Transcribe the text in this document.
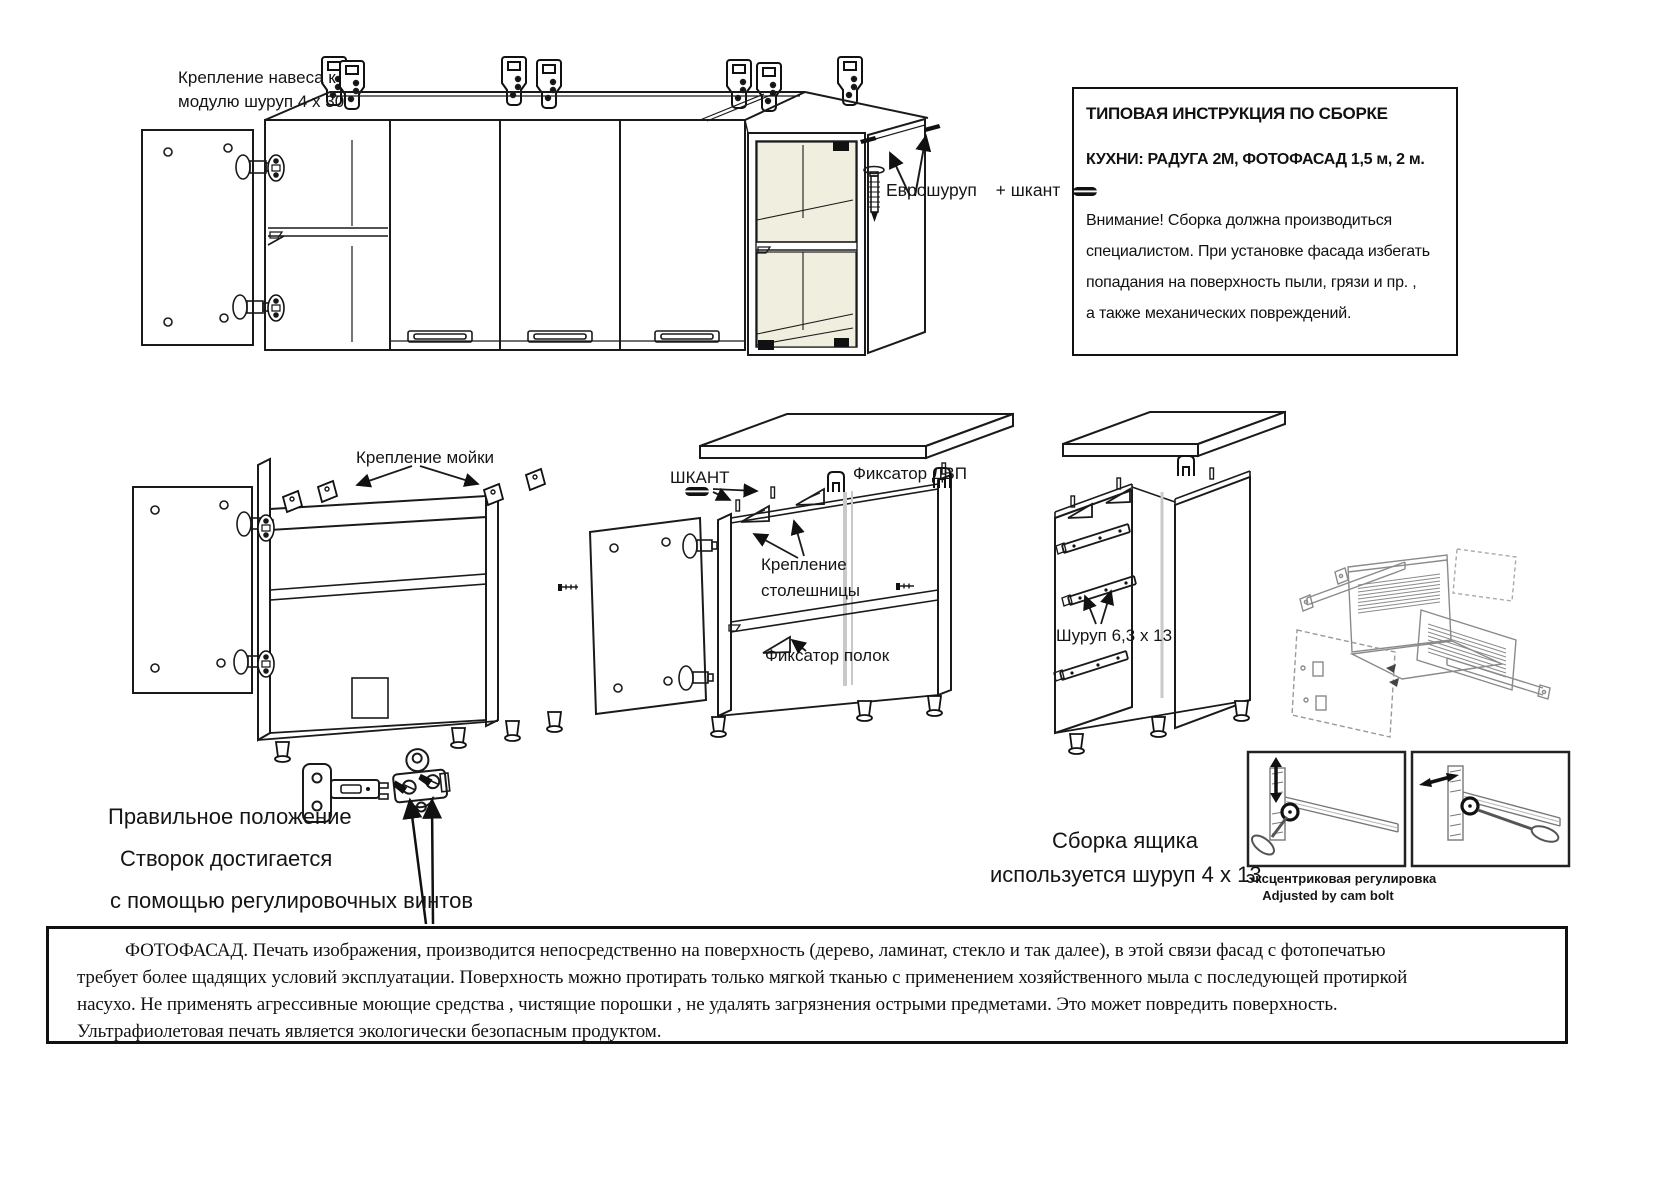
Крепление навеса к
модулю шуруп 4 x 30
Еврошуруп + шкант

ТИПОВАЯ ИНСТРУКЦИЯ ПО СБОРКЕ

КУХНИ: РАДУГА 2М, ФОТОФАСАД 1,5 м, 2 м.

Внимание! Сборка должна производиться
специалистом. При установке фасада избегать
попадания на поверхность пыли, грязи и пр. ,
а также механических повреждений.
Крепление мойки
ШКАНТ	Фиксатор ДВП
Крепление
столешницы
Фиксатор полок
Шуруп 6,3 х 13
Правильное положение
Створок достигается
с помощью регулировочных винтов
Сборка ящика
используется шуруп 4 х 13
Эксцентриковая регулировка
Adjusted by cam bolt
ФОТОФАСАД. Печать изображения, производится непосредственно на поверхность (дерево, ламинат, стекло и так далее), в этой связи фасад с фотопечатью
требует более щадящих условий эксплуатации. Поверхность можно протирать только мягкой тканью с применением хозяйственного мыла с последующей протиркой
насухо. Не применять агрессивные моющие средства , чистящие порошки , не удалять загрязнения острыми предметами. Это может повредить поверхность.
Ультрафиолетовая печать является экологически безопасным продуктом.
